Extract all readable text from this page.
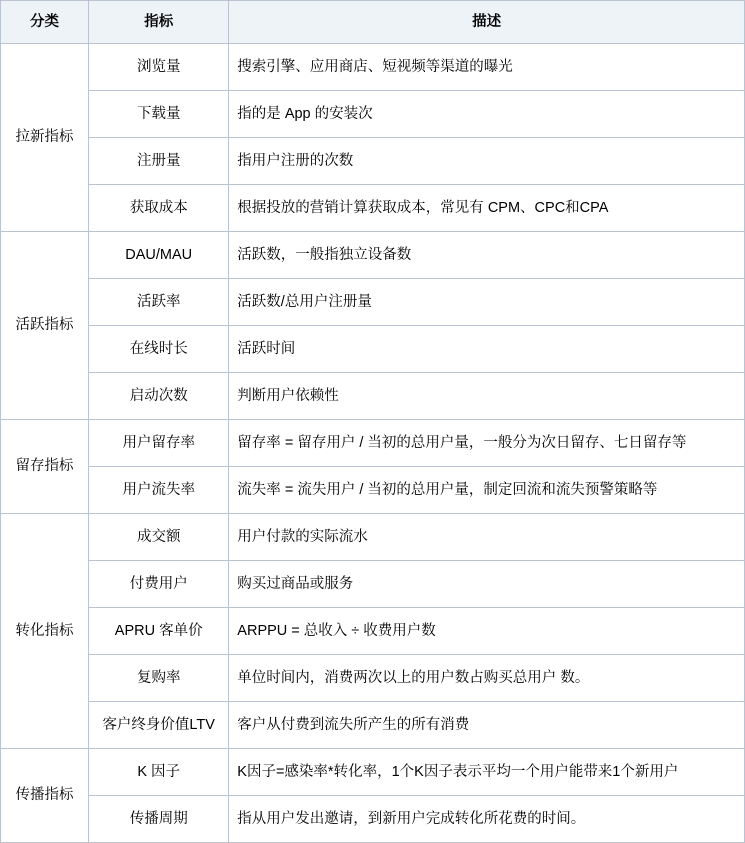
分类	指标	描述
拉新指标	浏览量	搜索引擎、应用商店、短视频等渠道的曝光
	下载量	指的是 App 的安装次
	注册量	指用户注册的次数
	获取成本	根据投放的营销计算获取成本，常见有 CPM、CPC和CPA
活跃指标	DAU/MAU	活跃数，一般指独立设备数
	活跃率	活跃数/总用户注册量
	在线时长	活跃时间
	启动次数	判断用户依赖性
留存指标	用户留存率	留存率 = 留存用户 / 当初的总用户量，一般分为次日留存、七日留存等
	用户流失率	流失率 = 流失用户 / 当初的总用户量，制定回流和流失预警策略等
转化指标	成交额	用户付款的实际流水
	付费用户	购买过商品或服务
	APRU 客单价	ARPPU = 总收入 ÷ 收费用户数
	复购率	单位时间内，消费两次以上的用户数占购买总用户 数。
	客户终身价值LTV	客户从付费到流失所产生的所有消费
传播指标	K 因子	K因子=感染率*转化率，1个K因子表示平均一个用户能带来1个新用户
	传播周期	指从用户发出邀请，到新用户完成转化所花费的时间。
